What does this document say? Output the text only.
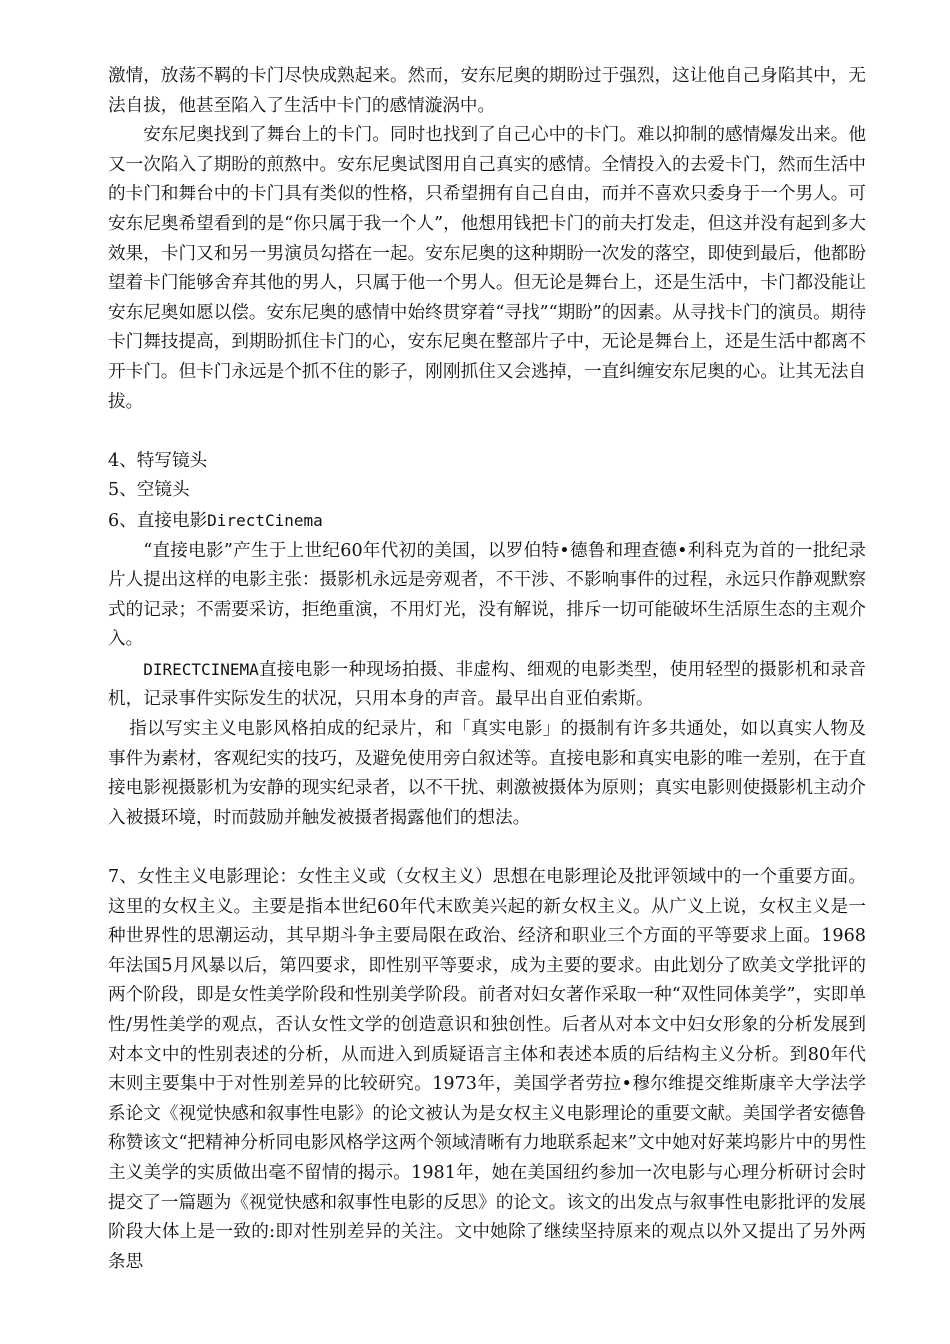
激情，放荡不羁的卡门尽快成熟起来。然而，安东尼奥的期盼过于强烈，这让他自己身陷其中，无法自拔，他甚至陷入了生活中卡门的感情漩涡中。

安东尼奥找到了舞台上的卡门。同时也找到了自己心中的卡门。难以抑制的感情爆发出来。他又一次陷入了期盼的煎熬中。安东尼奥试图用自己真实的感情。全情投入的去爱卡门，然而生活中的卡门和舞台中的卡门具有类似的性格，只希望拥有自己自由，而并不喜欢只委身于一个男人。可安东尼奥希望看到的是“你只属于我一个人”，他想用钱把卡门的前夫打发走，但这并没有起到多大效果，卡门又和另一男演员勾搭在一起。安东尼奥的这种期盼一次发的落空，即使到最后，他都盼望着卡门能够舍弃其他的男人，只属于他一个男人。但无论是舞台上，还是生活中，卡门都没能让安东尼奥如愿以偿。安东尼奥的感情中始终贯穿着“寻找”“期盼”的因素。从寻找卡门的演员。期待卡门舞技提高，到期盼抓住卡门的心，安东尼奥在整部片子中，无论是舞台上，还是生活中都离不开卡门。但卡门永远是个抓不住的影子，刚刚抓住又会逃掉，一直纠缠安东尼奥的心。让其无法自拔。

4、特写镜头

5、空镜头

6、直接电影DirectCinema

“直接电影”产生于上世纪60年代初的美国，以罗伯特•德鲁和理查德•利科克为首的一批纪录片人提出这样的电影主张：摄影机永远是旁观者，不干涉、不影响事件的过程，永远只作静观默察式的记录；不需要采访，拒绝重演，不用灯光，没有解说，排斥一切可能破坏生活原生态的主观介入。

DIRECTCINEMA直接电影一种现场拍摄、非虚构、细观的电影类型，使用轻型的摄影机和录音机，记录事件实际发生的状况，只用本身的声音。最早出自亚伯索斯。

指以写实主义电影风格拍成的纪录片，和「真实电影」的摄制有许多共通处，如以真实人物及事件为素材，客观纪实的技巧，及避免使用旁白叙述等。直接电影和真实电影的唯一差别，在于直接电影视摄影机为安静的现实纪录者，以不干扰、刺激被摄体为原则；真实电影则使摄影机主动介入被摄环境，时而鼓励并触发被摄者揭露他们的想法。

7、女性主义电影理论：女性主义或（女权主义）思想在电影理论及批评领域中的一个重要方面。这里的女权主义。主要是指本世纪60年代末欧美兴起的新女权主义。从广义上说，女权主义是一种世界性的思潮运动，其早期斗争主要局限在政治、经济和职业三个方面的平等要求上面。1968年法国5月风暴以后，第四要求，即性别平等要求，成为主要的要求。由此划分了欧美文学批评的两个阶段，即是女性美学阶段和性别美学阶段。前者对妇女著作采取一种“双性同体美学”，实即单性/男性美学的观点，否认女性文学的创造意识和独创性。后者从对本文中妇女形象的分析发展到对本文中的性别表述的分析，从而进入到质疑语言主体和表述本质的后结构主义分析。到80年代末则主要集中于对性别差异的比较研究。1973年，美国学者劳拉•穆尔维提交维斯康辛大学法学系论文《视觉快感和叙事性电影》的论文被认为是女权主义电影理论的重要文献。美国学者安德鲁称赞该文“把精神分析同电影风格学这两个领域清晰有力地联系起来”文中她对好莱坞影片中的男性主义美学的实质做出毫不留情的揭示。1981年，她在美国纽约参加一次电影与心理分析研讨会时提交了一篇题为《视觉快感和叙事性电影的反思》的论文。该文的出发点与叙事性电影批评的发展阶段大体上是一致的:即对性别差异的关注。文中她除了继续坚持原来的观点以外又提出了另外两条思
